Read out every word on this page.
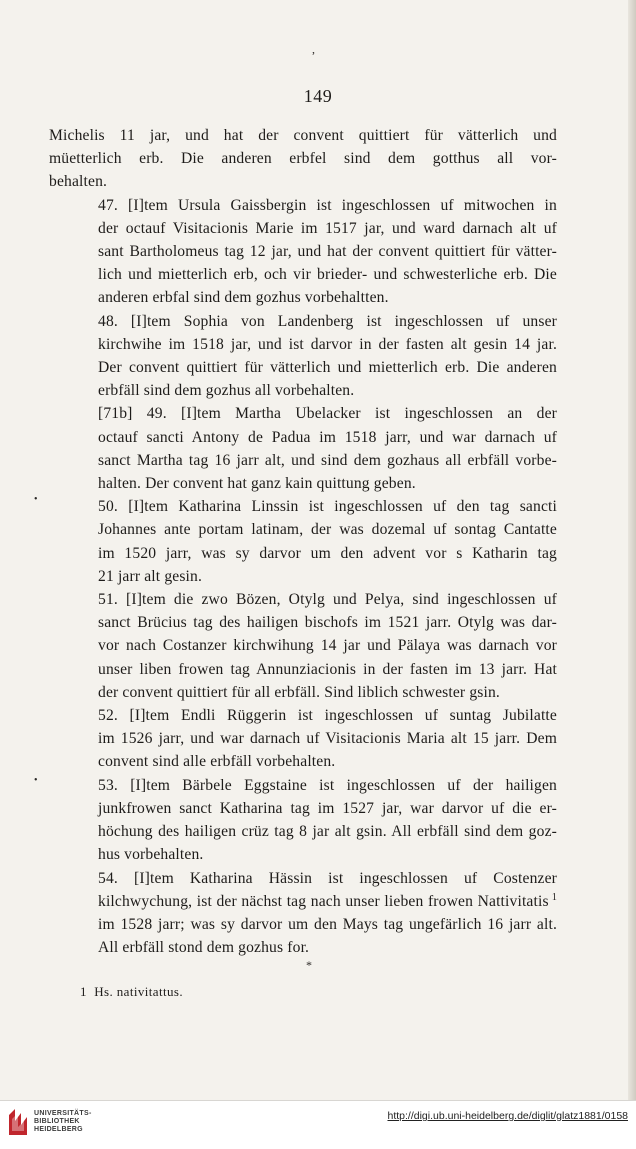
,
149
Michelis 11 jar, und hat der convent quittiert für vätterlich und
müetterlich erb. Die anderen erbfel sind dem gotthus all vor-
behalten.
47. [I]tem Ursula Gaissbergin ist ingeschlossen uf mitwochen in
der octauf Visitacionis Marie im 1517 jar, und ward darnach alt uf
sant Bartholomeus tag 12 jar, und hat der convent quittiert für vätter-
lich und mietterlich erb, och vir brieder- und schwesterliche erb. Die
anderen erbfal sind dem gozhus vorbehaltten.
48. [I]tem Sophia von Landenberg ist ingeschlossen uf unser
kirchwihe im 1518 jar, und ist darvor in der fasten alt gesin 14 jar.
Der convent quittiert für vätterlich und mietterlich erb. Die anderen
erbfäll sind dem gozhus all vorbehalten.
[71b] 49. [I]tem Martha Ubelacker ist ingeschlossen an der
octauf sancti Antony de Padua im 1518 jarr, und war darnach uf
sanct Martha tag 16 jarr alt, und sind dem gozhaus all erbfäll vorbe-
halten. Der convent hat ganz kain quittung geben.
50. [I]tem Katharina Linssin ist ingeschlossen uf den tag sancti
Johannes ante portam latinam, der was dozemal uf sontag Cantatte
im 1520 jarr, was sy darvor um den advent vor s Katharin tag
21 jarr alt gesin.
51. [I]tem die zwo Bözen, Otylg und Pelya, sind ingeschlossen uf
sanct Brücius tag des hailigen bischofs im 1521 jarr. Otylg was dar-
vor nach Costanzer kirchwihung 14 jar und Pälaya was darnach vor
unser liben frowen tag Annunziacionis in der fasten im 13 jarr. Hat
der convent quittiert für all erbfäll. Sind liblich schwester gsin.
52. [I]tem Endli Rüggerin ist ingeschlossen uf suntag Jubilatte
im 1526 jarr, und war darnach uf Visitacionis Maria alt 15 jarr. Dem
convent sind alle erbfäll vorbehalten.
53. [I]tem Bärbele Eggstaine ist ingeschlossen uf der hailigen
junkfrowen sanct Katharina tag im 1527 jar, war darvor uf die er-
höchung des hailigen crüz tag 8 jar alt gsin. All erbfäll sind dem goz-
hus vorbehalten.
54. [I]tem Katharina Hässin ist ingeschlossen uf Costenzer
kilchwychung, ist der nächst tag nach unser lieben frowen Nattivitatis $^1$
im 1528 jarr; was sy darvor um den Mays tag ungefärlich 16 jarr alt.
All erbfäll stond dem gozhus for.
*
•
•
1 Hs. nativitattus.
UNIVERSITÄTS-
BIBLIOTHEK
HEIDELBERG
http://digi.ub.uni-heidelberg.de/diglit/glatz1881/0158
